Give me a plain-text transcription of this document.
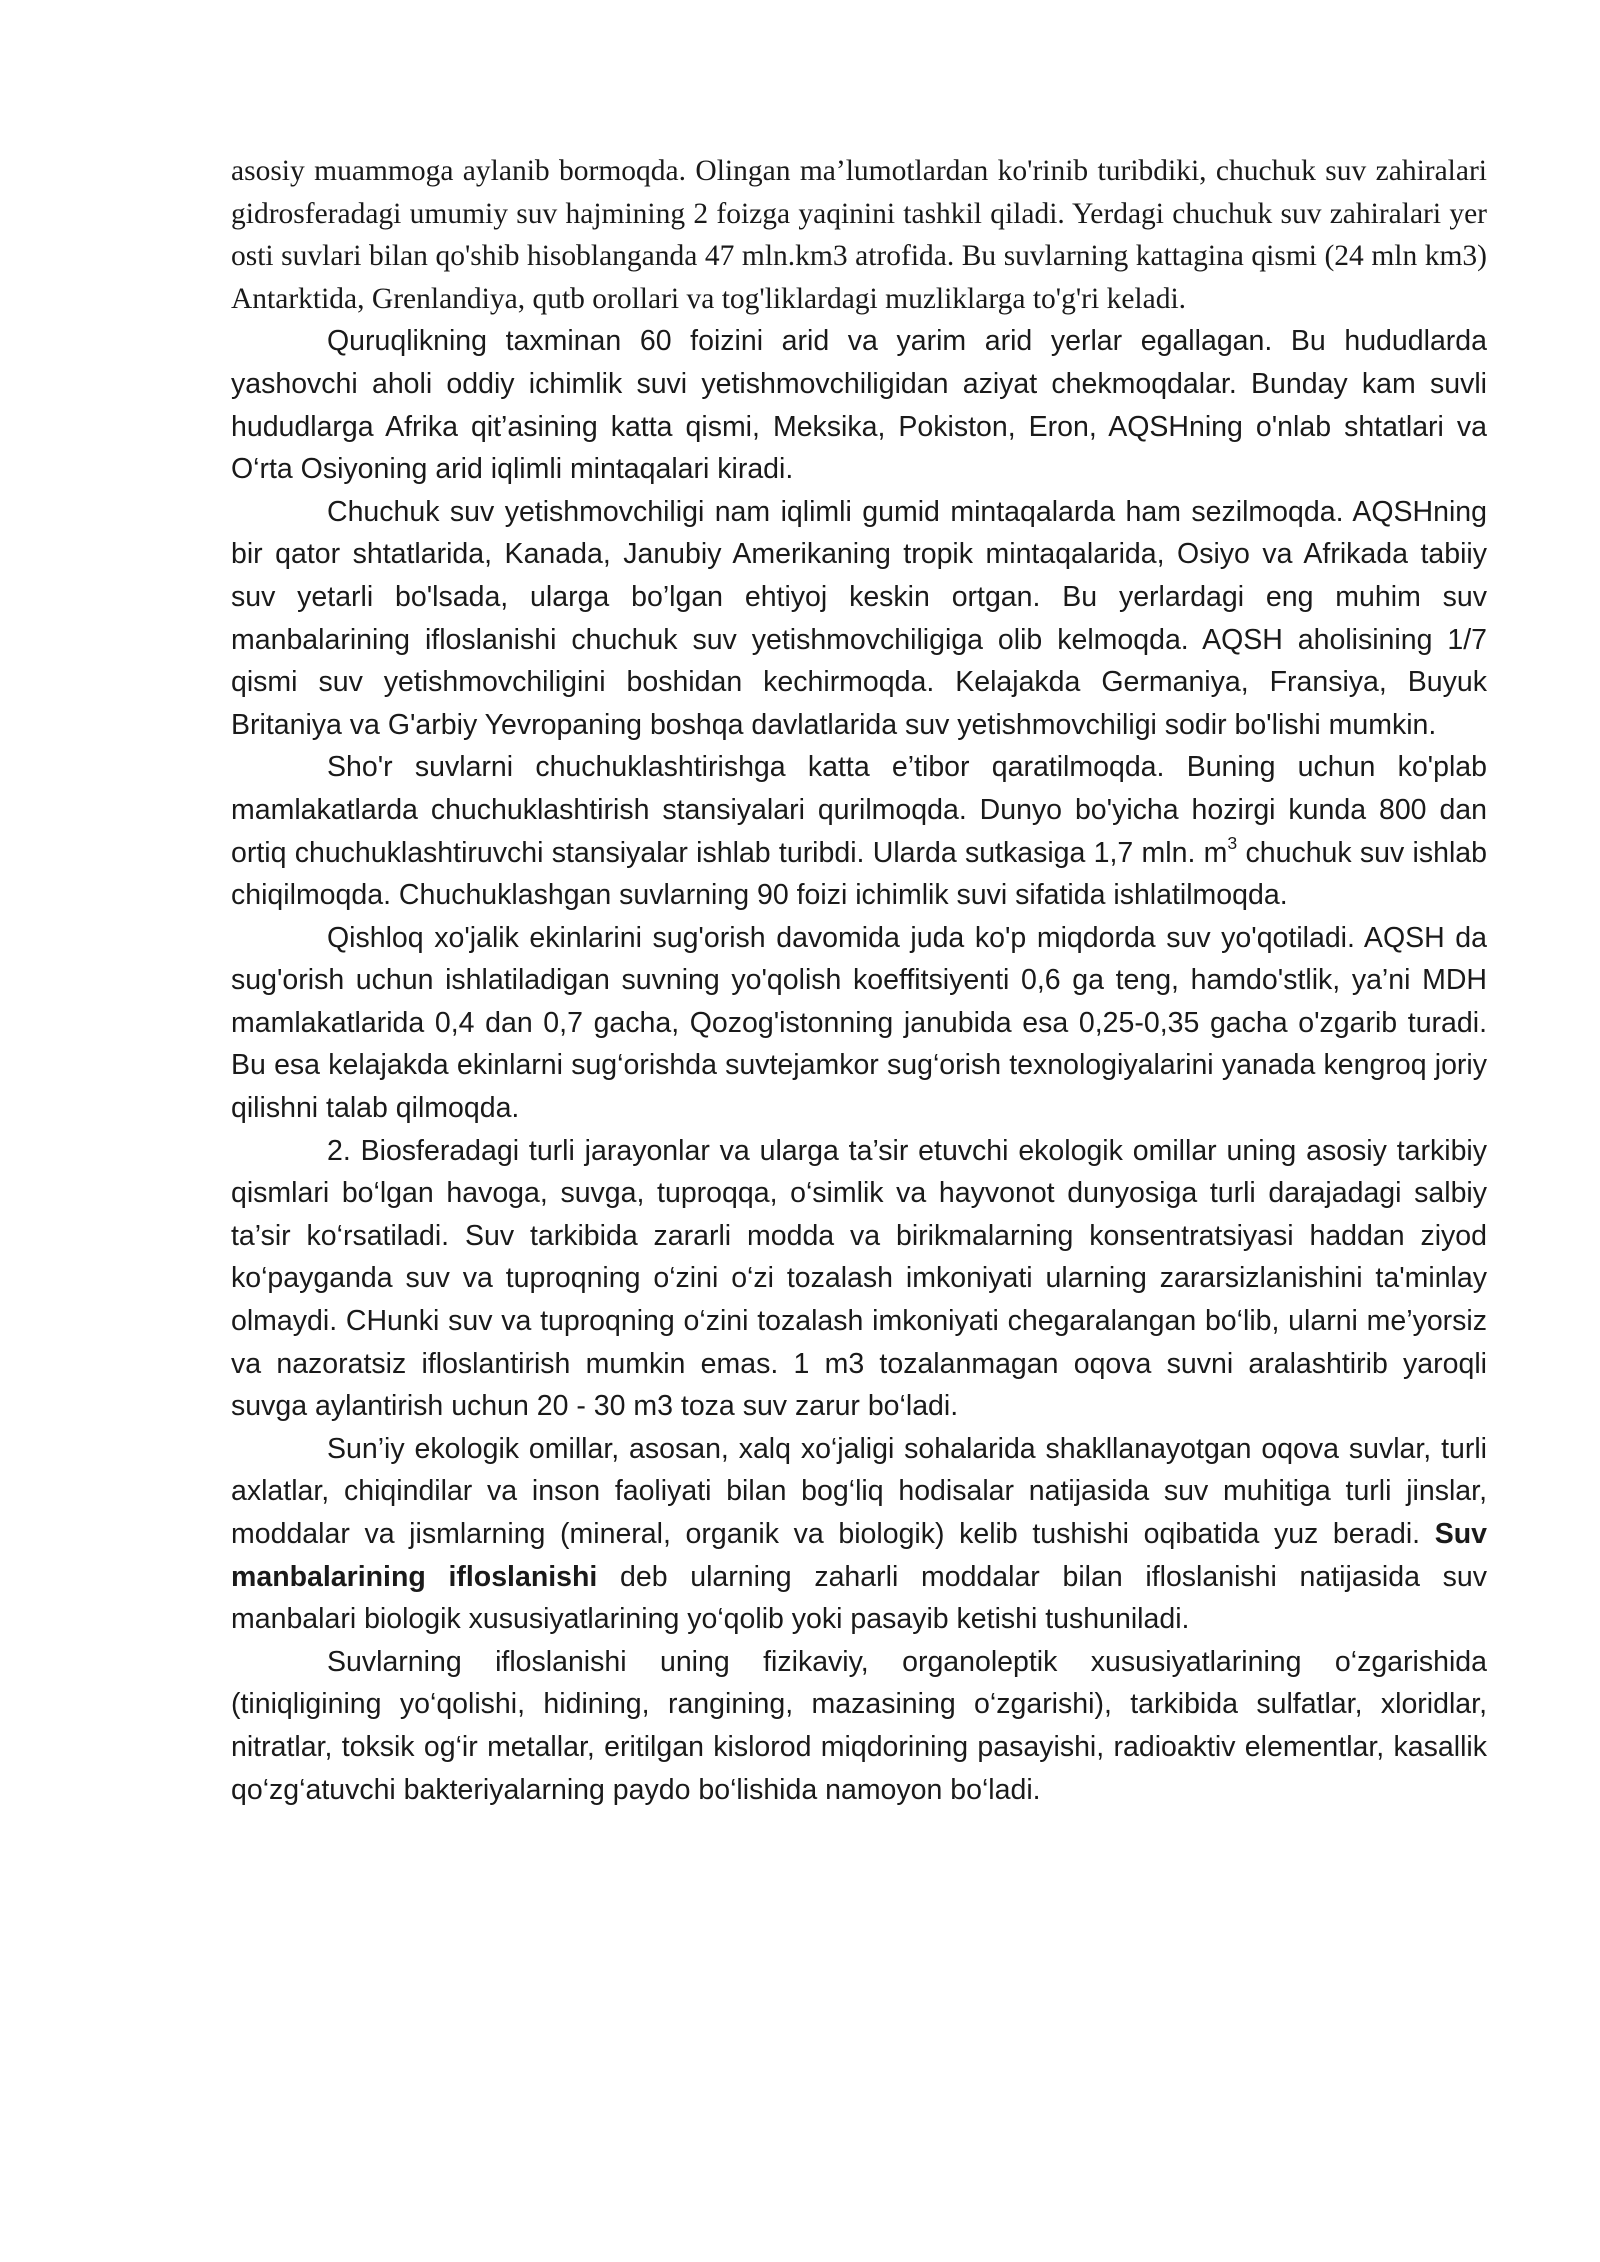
asosiy muammoga aylanib bormoqda. Olingan ma’lumotlardan ko'rinib turibdiki, chuchuk suv zahiralari gidrosferadagi umumiy suv hajmining 2 foizga yaqinini tashkil qiladi. Yerdagi chuchuk suv zahiralari yer osti suvlari bilan qo'shib hisoblanganda 47 mln.km3 atrofida. Bu suvlarning kattagina qismi (24 mln km3) Antarktida, Grenlandiya, qutb orollari va tog'liklardagi muzliklarga to'g'ri keladi.

Quruqlikning taxminan 60 foizini arid va yarim arid yerlar egallagan. Bu hududlarda yashovchi aholi oddiy ichimlik suvi yetishmovchiligidan aziyat chekmoqdalar. Bunday kam suvli hududlarga Afrika qit’asining katta qismi, Meksika, Pokiston, Eron, AQSHning o'nlab shtatlari va O‘rta Osiyoning arid iqlimli mintaqalari kiradi.

Chuchuk suv yetishmovchiligi nam iqlimli gumid mintaqalarda ham sezilmoqda. AQSHning bir qator shtatlarida, Kanada, Janubiy Amerikaning tropik mintaqalarida, Osiyo va Afrikada tabiiy suv yetarli bo'lsada, ularga bo’lgan ehtiyoj keskin ortgan. Bu yerlardagi eng muhim suv manbalarining ifloslanishi chuchuk suv yetishmovchiligiga olib kelmoqda. AQSH aholisining 1/7 qismi suv yetishmovchiligini boshidan kechirmoqda. Kelajakda Germaniya, Fransiya, Buyuk Britaniya va G'arbiy Yevropaning boshqa davlatlarida suv yetishmovchiligi sodir bo'lishi mumkin.

Sho'r suvlarni chuchuklashtirishga katta e’tibor qaratilmoqda. Buning uchun ko'plab mamlakatlarda chuchuklashtirish stansiyalari qurilmoqda. Dunyo bo'yicha hozirgi kunda 800 dan ortiq chuchuklashtiruvchi stansiyalar ishlab turibdi. Ulardа sutkasiga 1,7 mln. $m^3$ chuchuk suv ishlab chiqilmoqda. Chuchuklashgan suvlarning 90 foizi ichimlik suvi sifatida ishlatilmoqda.

Qishloq xo'jalik ekinlarini sug'orish davomida juda ko'p miqdorda suv yo'qotiladi. AQSH da sug'orish uchun ishlatiladigan suvning yo'qolish koeffitsiyenti 0,6 ga teng, hamdo'stlik, ya’ni MDH mamlakatlarida 0,4 dan 0,7 gacha, Qozog'istonning janubida esa 0,25-0,35 gacha o'zgarib turadi. Bu esa kelajakda ekinlarni sug‘orishda suvtejamkor sug‘orish texnologiyalarini yanada kengroq joriy qilishni talab qilmoqda.

2. Biosferadagi turli jarayonlar va ularga ta’sir etuvchi ekologik omillar uning asosiy tarkibiy qismlari bo‘lgan havoga, suvga, tuproqqa, o‘simlik va hayvonot dunyosiga turli darajadagi salbiy ta’sir ko‘rsatiladi. Suv tarkibida zararli modda va birikmalarning konsentratsiyasi haddan ziyod ko‘payganda suv va tuproqning o‘zini o‘zi tozalash imkoniyati ularning zararsizlanishini ta'minlay olmaydi. CHunki suv va tuproqning o‘zini tozalash imkoniyati chegaralangan bo‘lib, ularni me’yorsiz va nazoratsiz ifloslantirish mumkin emas. 1 m3 tozalanmagan oqova suvni aralashtirib yaroqli suvga aylantirish uchun 20 - 30 m3 toza suv zarur bo‘ladi.

Sun’iy ekologik omillar, asosan, xalq xo‘jaligi sohalarida shakllanayotgan oqova suvlar, turli axlatlar, chiqindilar va inson faoliyati bilan bog‘liq hodisalar natijasida suv muhitiga turli jinslar, moddalar va jismlarning (mineral, organik va biologik) kelib tushishi oqibatida yuz beradi. Suv manbalarining ifloslanishi deb ularning zaharli moddalar bilan ifloslanishi natijasida suv manbalari biologik xususiyatlarining yo‘qolib yoki pasayib ketishi tushuniladi.

Suvlarning ifloslanishi uning fizikaviy, organoleptik xususiyatlarining o‘zgarishida (tiniqligining yo‘qolishi, hidining, rangining, mazasining o‘zgarishi), tarkibida sulfatlar, xloridlar, nitratlar, toksik og‘ir metallar, eritilgan kislorod miqdorining pasayishi, radioaktiv elementlar, kasallik qo‘zg‘atuvchi bakteriyalarning paydo bo‘lishida namoyon bo‘ladi.
